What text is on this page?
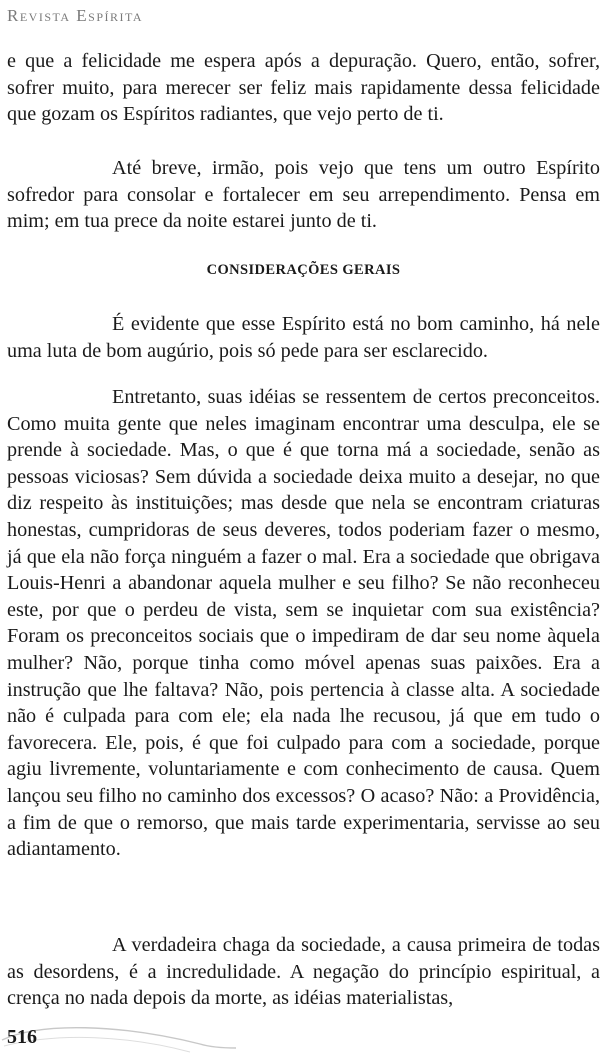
Revista Espírita

e que a felicidade me espera após a depuração. Quero, então, sofrer, sofrer muito, para merecer ser feliz mais rapidamente dessa felicidade que gozam os Espíritos radiantes, que vejo perto de ti.

Até breve, irmão, pois vejo que tens um outro Espírito sofredor para consolar e fortalecer em seu arrependimento. Pensa em mim; em tua prece da noite estarei junto de ti.

CONSIDERAÇÕES GERAIS

É evidente que esse Espírito está no bom caminho, há nele uma luta de bom augúrio, pois só pede para ser esclarecido.

Entretanto, suas idéias se ressentem de certos preconceitos. Como muita gente que neles imaginam encontrar uma desculpa, ele se prende à sociedade. Mas, o que é que torna má a sociedade, senão as pessoas viciosas? Sem dúvida a sociedade deixa muito a desejar, no que diz respeito às instituições; mas desde que nela se encontram criaturas honestas, cumpridoras de seus deveres, todos poderiam fazer o mesmo, já que ela não força ninguém a fazer o mal. Era a sociedade que obrigava Louis-Henri a abandonar aquela mulher e seu filho? Se não reconheceu este, por que o perdeu de vista, sem se inquietar com sua existência? Foram os preconceitos sociais que o impediram de dar seu nome àquela mulher? Não, porque tinha como móvel apenas suas paixões. Era a instrução que lhe faltava? Não, pois pertencia à classe alta. A sociedade não é culpada para com ele; ela nada lhe recusou, já que em tudo o favorecera. Ele, pois, é que foi culpado para com a sociedade, porque agiu livremente, voluntariamente e com conhecimento de causa. Quem lançou seu filho no caminho dos excessos? O acaso? Não: a Providência, a fim de que o remorso, que mais tarde experimentaria, servisse ao seu adiantamento.

A verdadeira chaga da sociedade, a causa primeira de todas as desordens, é a incredulidade. A negação do princípio espiritual, a crença no nada depois da morte, as idéias materialistas,

516
